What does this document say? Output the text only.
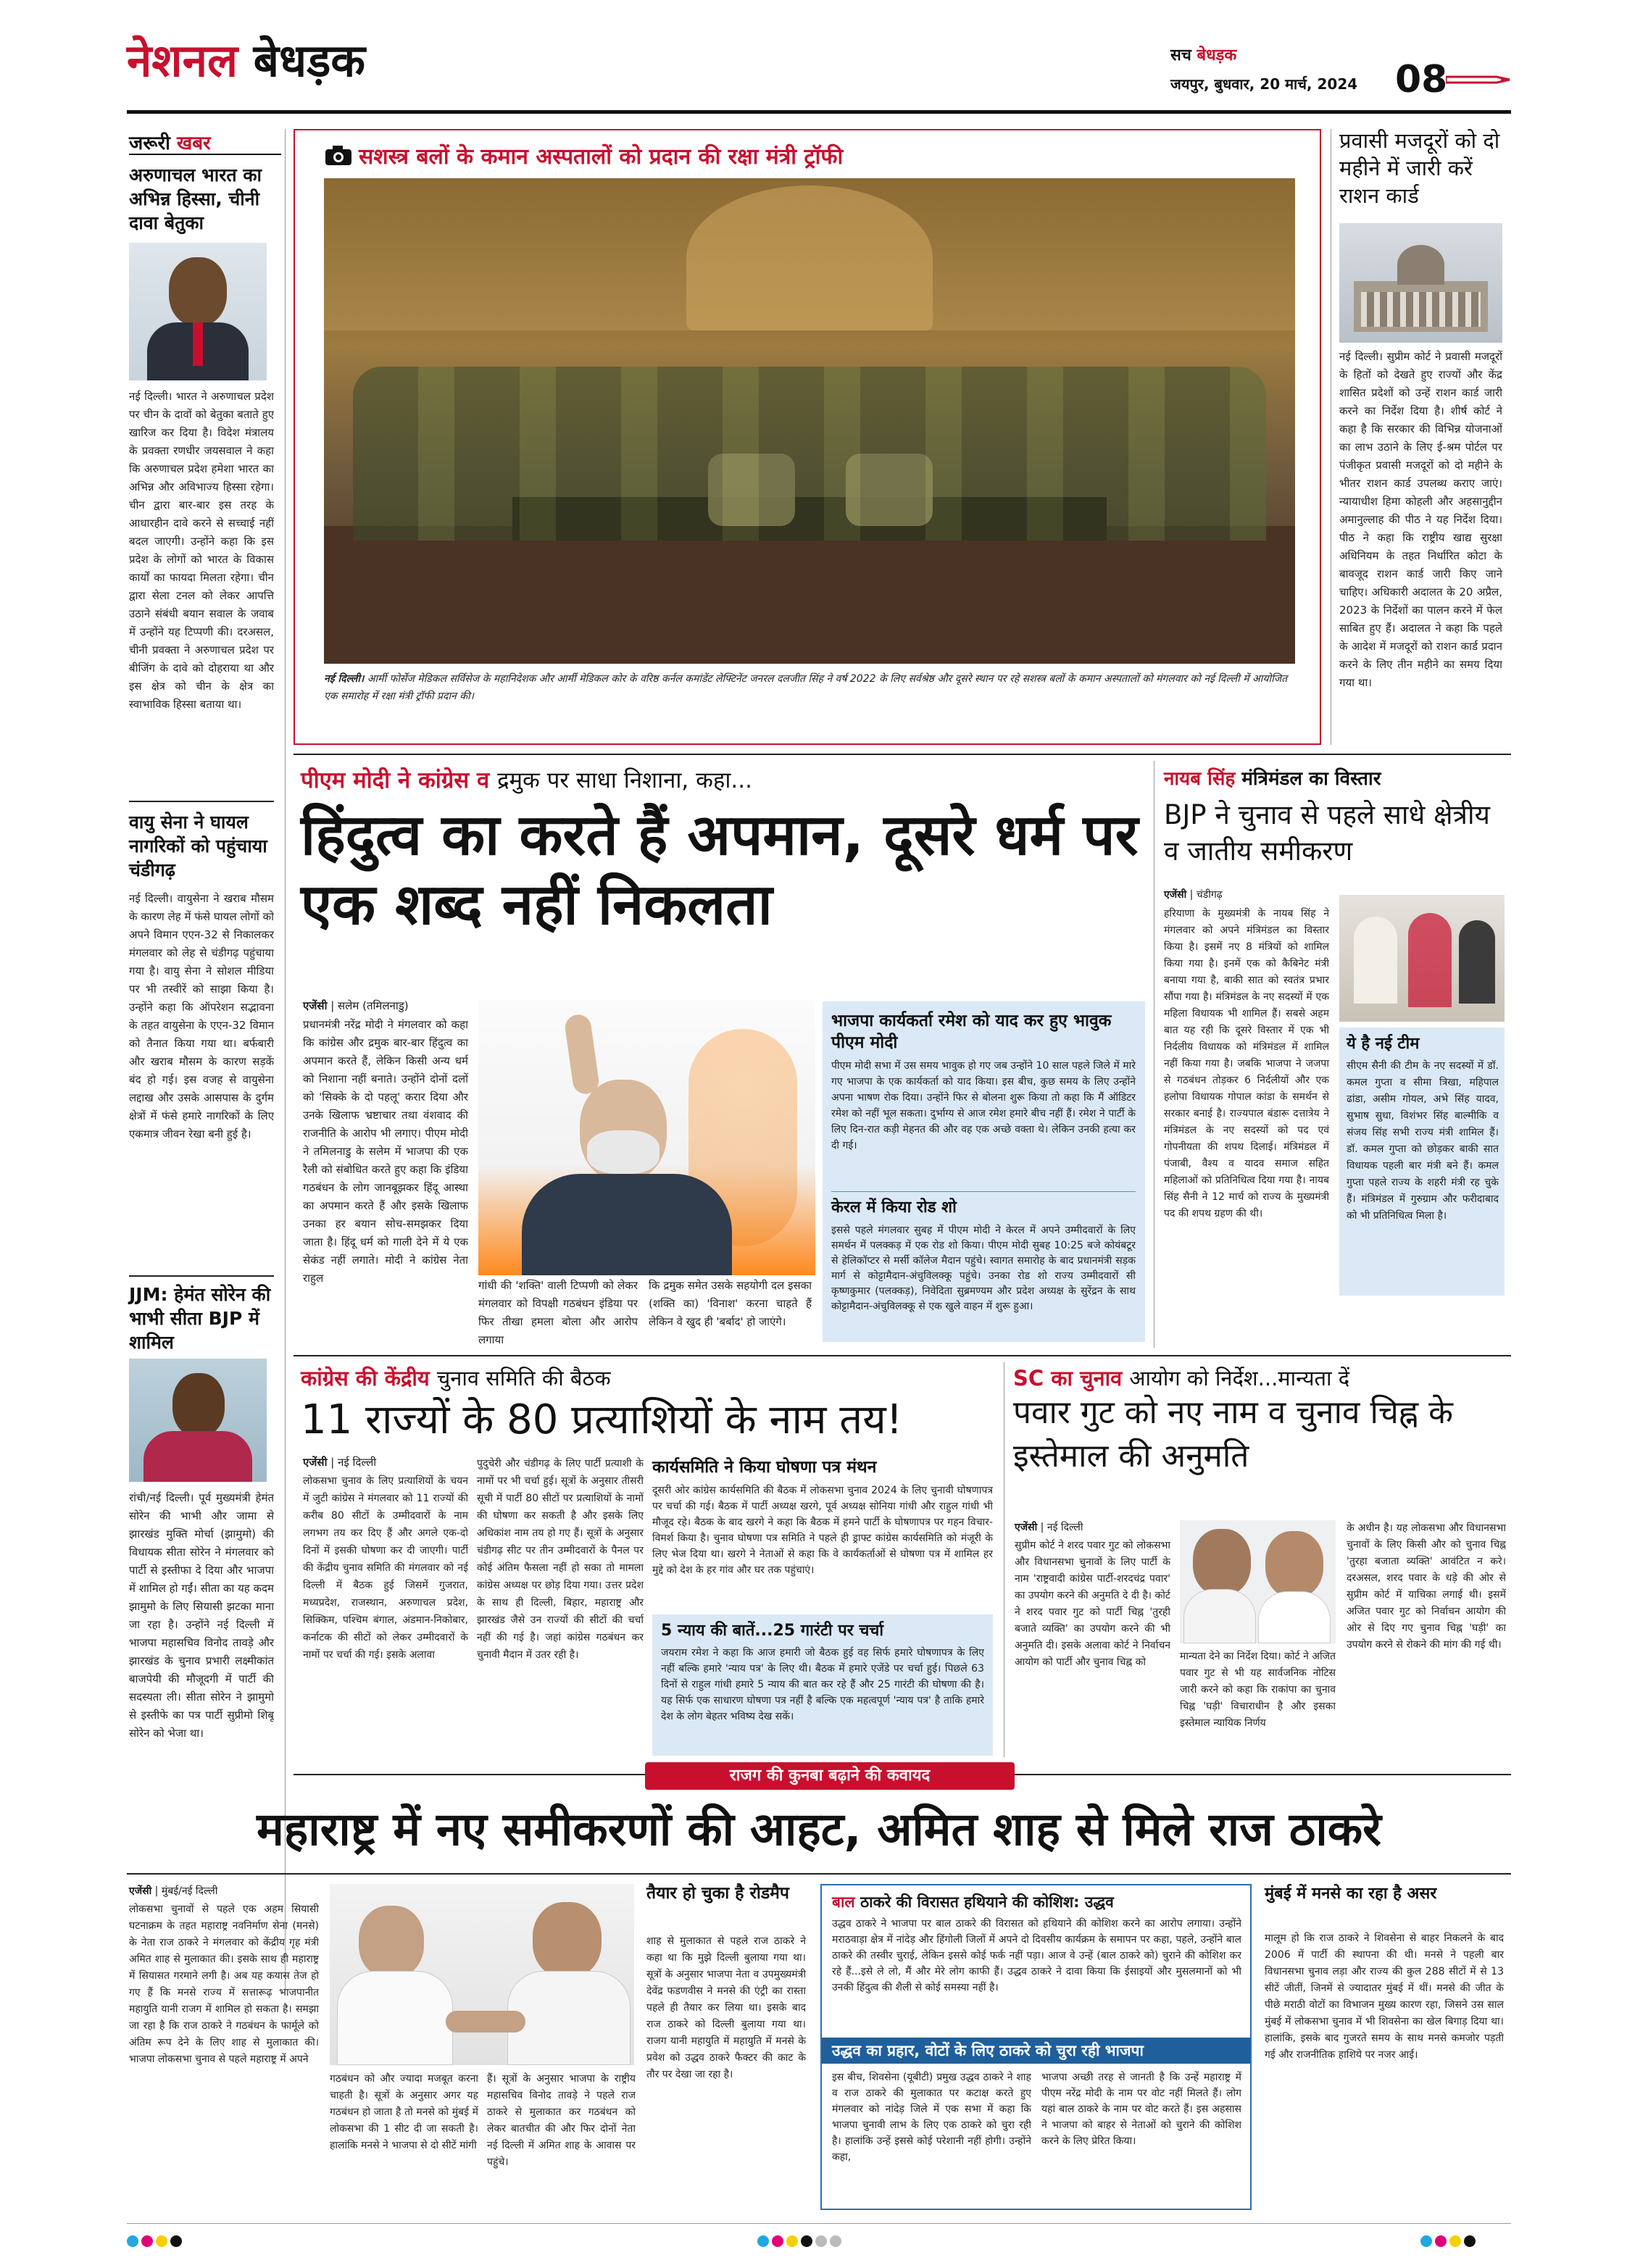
नेशनल बेधड़क	सच बेधड़क
जयपुर, बुधवार, 20 मार्च, 2024 08
जरूरी खबर
अरुणाचल भारत का अभिन्न हिस्सा, चीनी दावा बेतुका
नई दिल्ली। भारत ने अरुणाचल प्रदेश पर चीन के दावों को बेतुका बताते हुए खारिज कर दिया है। विदेश मंत्रालय के प्रवक्ता रणधीर जयसवाल ने कहा कि अरुणाचल प्रदेश हमेशा भारत का अभिन्न और अविभाज्य हिस्सा रहेगा। चीन द्वारा बार-बार इस तरह के आधारहीन दावे करने से सच्चाई नहीं बदल जाएगी। उन्होंने कहा कि इस प्रदेश के लोगों को भारत के विकास कार्यों का फायदा मिलता रहेगा। चीन द्वारा सेला टनल को लेकर आपत्ति उठाने संबंधी बयान सवाल के जवाब में उन्होंने यह टिप्पणी की। दरअसल, चीनी प्रवक्ता ने अरुणाचल प्रदेश पर बीजिंग के दावे को दोहराया था और इस क्षेत्र को चीन के क्षेत्र का स्वाभाविक हिस्सा बताया था।
वायु सेना ने घायल नागरिकों को पहुंचाया चंडीगढ़
नई दिल्ली। वायुसेना ने खराब मौसम के कारण लेह में फंसे घायल लोगों को अपने विमान एएन-32 से निकालकर मंगलवार को लेह से चंडीगढ़ पहुंचाया गया है। वायु सेना ने सोशल मीडिया पर भी तस्वीरें को साझा किया है। उन्होंने कहा कि ऑपरेशन सद्भावना के तहत वायुसेना के एएन-32 विमान को तैनात किया गया था। बर्फबारी और खराब मौसम के कारण सड़कें बंद हो गई। इस वजह से वायुसेना लद्दाख और उसके आसपास के दुर्गम क्षेत्रों में फंसे हमारे नागरिकों के लिए एकमात्र जीवन रेखा बनी हुई है।
JJM: हेमंत सोरेन की भाभी सीता BJP में शामिल
रांची/नई दिल्ली। पूर्व मुख्यमंत्री हेमंत सोरेन की भाभी और जामा से झारखंड मुक्ति मोर्चा (झामुमो) की विधायक सीता सोरेन ने मंगलवार को पार्टी से इस्तीफा दे दिया और भाजपा में शामिल हो गईं। सीता का यह कदम झामुमो के लिए सियासी झटका माना जा रहा है। उन्होंने नई दिल्ली में भाजपा महासचिव विनोद तावड़े और झारखंड के चुनाव प्रभारी लक्ष्मीकांत बाजपेयी की मौजूदगी में पार्टी की सदस्यता ली। सीता सोरेन ने झामुमो से इस्तीफे का पत्र पार्टी सुप्रीमो शिबू सोरेन को भेजा था।
सशस्त्र बलों के कमान अस्पतालों को प्रदान की रक्षा मंत्री ट्रॉफी
नई दिल्ली। आर्मी फोर्सेज मेडिकल सर्विसेज के महानिदेशक और आर्मी मेडिकल कोर के वरिष्ठ कर्नल कमांडेंट लेफ्टिनेंट जनरल दलजीत सिंह ने वर्ष 2022 के लिए सर्वश्रेष्ठ और दूसरे स्थान पर रहे सशस्त्र बलों के कमान अस्पतालों को मंगलवार को नई दिल्ली में आयोजित एक समारोह में रक्षा मंत्री ट्रॉफी प्रदान की।
प्रवासी मजदूरों को दो महीने में जारी करें राशन कार्ड
नई दिल्ली। सुप्रीम कोर्ट ने प्रवासी मजदूरों के हितों को देखते हुए राज्यों और केंद्र शासित प्रदेशों को उन्हें राशन कार्ड जारी करने का निर्देश दिया है। शीर्ष कोर्ट ने कहा है कि सरकार की विभिन्न योजनाओं का लाभ उठाने के लिए ई-श्रम पोर्टल पर पंजीकृत प्रवासी मजदूरों को दो महीने के भीतर राशन कार्ड उपलब्ध कराए जाएं। न्यायाधीश हिमा कोहली और अहसानुद्दीन अमानुल्लाह की पीठ ने यह निर्देश दिया। पीठ ने कहा कि राष्ट्रीय खाद्य सुरक्षा अधिनियम के तहत निर्धारित कोटा के बावजूद राशन कार्ड जारी किए जाने चाहिए। अधिकारी अदालत के 20 अप्रैल, 2023 के निर्देशों का पालन करने में फेल साबित हुए हैं। अदालत ने कहा कि पहले के आदेश में मजदूरों को राशन कार्ड प्रदान करने के लिए तीन महीने का समय दिया गया था।
पीएम मोदी ने कांग्रेस व द्रमुक पर साधा निशाना, कहा...
हिंदुत्व का करते हैं अपमान, दूसरे धर्म पर एक शब्द नहीं निकलता
एजेंसी | सलेम (तमिलनाडु)
प्रधानमंत्री नरेंद्र मोदी ने मंगलवार को कहा कि कांग्रेस और द्रमुक बार-बार हिंदुत्व का अपमान करते हैं, लेकिन किसी अन्य धर्म को निशाना नहीं बनाते। उन्होंने दोनों दलों को 'सिक्के के दो पहलू' करार दिया और उनके खिलाफ भ्रष्टाचार तथा वंशवाद की राजनीति के आरोप भी लगाए। पीएम मोदी ने तमिलनाडु के सलेम में भाजपा की एक रैली को संबोधित करते हुए कहा कि इंडिया गठबंधन के लोग जानबूझकर हिंदू आस्था का अपमान करते हैं और इसके खिलाफ उनका हर बयान सोच-समझकर दिया जाता है। हिंदू धर्म को गाली देने में ये एक सेकंड नहीं लगाते। मोदी ने कांग्रेस नेता राहुल
गांधी की 'शक्ति' वाली टिप्पणी को लेकर मंगलवार को विपक्षी गठबंधन इंडिया पर फिर तीखा हमला बोला और आरोप लगाया
कि द्रमुक समेत उसके सहयोगी दल इसका (शक्ति का) 'विनाश' करना चाहते हैं लेकिन वे खुद ही 'बर्बाद' हो जाएंगे।
भाजपा कार्यकर्ता रमेश को याद कर हुए भावुक पीएम मोदी
पीएम मोदी सभा में उस समय भावुक हो गए जब उन्होंने 10 साल पहले जिले में मारे गए भाजपा के एक कार्यकर्ता को याद किया। इस बीच, कुछ समय के लिए उन्होंने अपना भाषण रोक दिया। उन्होंने फिर से बोलना शुरू किया तो कहा कि मैं ऑडिटर रमेश को नहीं भूल सकता। दुर्भाग्य से आज रमेश हमारे बीच नहीं हैं। रमेश ने पार्टी के लिए दिन-रात कड़ी मेहनत की और वह एक अच्छे वक्ता थे। लेकिन उनकी हत्या कर दी गई।
केरल में किया रोड शो
इससे पहले मंगलवार सुबह में पीएम मोदी ने केरल में अपने उम्मीदवारों के लिए समर्थन में पलक्कड़ में एक रोड शो किया। पीएम मोदी सुबह 10:25 बजे कोयंबटूर से हेलिकॉप्टर से मर्सी कॉलेज मैदान पहुंचे। स्वागत समारोह के बाद प्रधानमंत्री सड़क मार्ग से कोट्टामैदान-अंचुविलक्कू पहुंचे। उनका रोड शो राज्य उम्मीदवारों सी कृष्णकुमार (पलक्कड़), निवेदिता सुब्रमण्यम और प्रदेश अध्यक्ष के सुरेंद्रन के साथ कोट्टामैदान-अंचुविलक्कू से एक खुले वाहन में शुरू हुआ।
नायब सिंह मंत्रिमंडल का विस्तार
BJP ने चुनाव से पहले साधे क्षेत्रीय व जातीय समीकरण
एजेंसी | चंडीगढ़
हरियाणा के मुख्यमंत्री के नायब सिंह ने मंगलवार को अपने मंत्रिमंडल का विस्तार किया है। इसमें नए 8 मंत्रियों को शामिल किया गया है। इनमें एक को कैबिनेट मंत्री बनाया गया है, बाकी सात को स्वतंत्र प्रभार सौंपा गया है। मंत्रिमंडल के नए सदस्यों में एक महिला विधायक भी शामिल हैं। सबसे अहम बात यह रही कि दूसरे विस्तार में एक भी निर्दलीय विधायक को मंत्रिमंडल में शामिल नहीं किया गया है। जबकि भाजपा ने जजपा से गठबंधन तोड़कर 6 निर्दलीयों और एक हलोपा विधायक गोपाल कांडा के समर्थन से सरकार बनाई है। राज्यपाल बंडारू दत्तात्रेय ने मंत्रिमंडल के नए सदस्यों को पद एवं गोपनीयता की शपथ दिलाई। मंत्रिमंडल में पंजाबी, वैश्य व यादव समाज सहित महिलाओं को प्रतिनिधित्व दिया गया है। नायब सिंह सैनी ने 12 मार्च को राज्य के मुख्यमंत्री पद की शपथ ग्रहण की थी।
ये है नई टीम
सीएम सैनी की टीम के नए सदस्यों में डॉ. कमल गुप्ता व सीमा त्रिखा, महिपाल ढांडा, असीम गोयल, अभे सिंह यादव, सुभाष सुधा, विशंभर सिंह बाल्मीकि व संजय सिंह सभी राज्य मंत्री शामिल हैं। डॉ. कमल गुप्ता को छोड़कर बाकी सात विधायक पहली बार मंत्री बने हैं। कमल गुप्ता पहले राज्य के शहरी मंत्री रह चुके हैं। मंत्रिमंडल में गुरुग्राम और फरीदाबाद को भी प्रतिनिधित्व मिला है।
कांग्रेस की केंद्रीय चुनाव समिति की बैठक
11 राज्यों के 80 प्रत्याशियों के नाम तय!
एजेंसी | नई दिल्ली
लोकसभा चुनाव के लिए प्रत्याशियों के चयन में जुटी कांग्रेस ने मंगलवार को 11 राज्यों की करीब 80 सीटों के उम्मीदवारों के नाम लगभग तय कर दिए हैं और अगले एक-दो दिनों में इसकी घोषणा कर दी जाएगी। पार्टी की केंद्रीय चुनाव समिति की मंगलवार को नई दिल्ली में बैठक हुई जिसमें गुजरात, मध्यप्रदेश, राजस्थान, अरुणाचल प्रदेश, सिक्किम, पश्चिम बंगाल, अंडमान-निकोबार, कर्नाटक की सीटों को लेकर उम्मीदवारों के नामों पर चर्चा की गई। इसके अलावा
पुदुचेरी और चंडीगढ़ के लिए पार्टी प्रत्याशी के नामों पर भी चर्चा हुई। सूत्रों के अनुसार तीसरी सूची में पार्टी 80 सीटों पर प्रत्याशियों के नामों की घोषणा कर सकती है और इसके लिए अधिकांश नाम तय हो गए हैं। सूत्रों के अनुसार चंडीगढ़ सीट पर तीन उम्मीदवारों के पैनल पर कोई अंतिम फैसला नहीं हो सका तो मामला कांग्रेस अध्यक्ष पर छोड़ दिया गया। उत्तर प्रदेश के साथ ही दिल्ली, बिहार, महाराष्ट्र और झारखंड जैसे उन राज्यों की सीटों की चर्चा नहीं की गई है। जहां कांग्रेस गठबंधन कर चुनावी मैदान में उतर रही है।
कार्यसमिति ने किया घोषणा पत्र मंथन
दूसरी ओर कांग्रेस कार्यसमिति की बैठक में लोकसभा चुनाव 2024 के लिए चुनावी घोषणापत्र पर चर्चा की गई। बैठक में पार्टी अध्यक्ष खरगे, पूर्व अध्यक्ष सोनिया गांधी और राहुल गांधी भी मौजूद रहे। बैठक के बाद खरगे ने कहा कि बैठक में हमने पार्टी के घोषणापत्र पर गहन विचार-विमर्श किया है। चुनाव घोषणा पत्र समिति ने पहले ही ड्राफ्ट कांग्रेस कार्यसमिति को मंजूरी के लिए भेज दिया था। खरगे ने नेताओं से कहा कि वे कार्यकर्ताओं से घोषणा पत्र में शामिल हर मुद्दे को देश के हर गांव और घर तक पहुंचाएं।
5 न्याय की बातें...25 गारंटी पर चर्चा
जयराम रमेश ने कहा कि आज हमारी जो बैठक हुई वह सिर्फ हमारे घोषणापत्र के लिए नहीं बल्कि हमारे 'न्याय पत्र' के लिए थी। बैठक में हमारे एजेंडे पर चर्चा हुई। पिछले 63 दिनों से राहुल गांधी हमारे 5 न्याय की बात कर रहे हैं और 25 गारंटी की घोषणा की है। यह सिर्फ एक साधारण घोषणा पत्र नहीं है बल्कि एक महत्वपूर्ण 'न्याय पत्र' है ताकि हमारे देश के लोग बेहतर भविष्य देख सकें।
SC का चुनाव आयोग को निर्देश...मान्यता दें
पवार गुट को नए नाम व चुनाव चिह्न के इस्तेमाल की अनुमति
एजेंसी | नई दिल्ली
सुप्रीम कोर्ट ने शरद पवार गुट को लोकसभा और विधानसभा चुनावों के लिए पार्टी के नाम 'राष्ट्रवादी कांग्रेस पार्टी-शरदचंद्र पवार' का उपयोग करने की अनुमति दे दी है। कोर्ट ने शरद पवार गुट को पार्टी चिह्न 'तुरही बजाते व्यक्ति' का उपयोग करने की भी अनुमति दी। इसके अलावा कोर्ट ने निर्वाचन आयोग को पार्टी और चुनाव चिह्न को	मान्यता देने का निर्देश दिया। कोर्ट ने अजित पवार गुट से भी यह सार्वजनिक नोटिस जारी करने को कहा कि राकांपा का चुनाव चिह्न 'घड़ी' विचाराधीन है और इसका इस्तेमाल न्यायिक निर्णय
के अधीन है। यह लोकसभा और विधानसभा चुनावों के लिए किसी और को चुनाव चिह्न 'तुरहा बजाता व्यक्ति' आवंटित न करे। दरअसल, शरद पवार के धड़े की ओर से सुप्रीम कोर्ट में याचिका लगाई थी। इसमें अजित पवार गुट को निर्वाचन आयोग की ओर से दिए गए चुनाव चिह्न 'घड़ी' का उपयोग करने से रोकने की मांग की गई थी।
राजग की कुनबा बढ़ाने की कवायद
महाराष्ट्र में नए समीकरणों की आहट, अमित शाह से मिले राज ठाकरे
एजेंसी | मुंबई/नई दिल्ली
लोकसभा चुनावों से पहले एक अहम सियासी घटनाक्रम के तहत महाराष्ट्र नवनिर्माण सेना (मनसे) के नेता राज ठाकरे ने मंगलवार को केंद्रीय गृह मंत्री अमित शाह से मुलाकात की। इसके साथ ही महाराष्ट्र में सियासत गरमाने लगी है। अब यह कयास तेज हो गए हैं कि मनसे राज्य में सत्तारूढ़ भाजपानीत महायुति यानी राजग में शामिल हो सकता है। समझा जा रहा है कि राज ठाकरे ने गठबंधन के फार्मूले को अंतिम रूप देने के लिए शाह से मुलाकात की। भाजपा लोकसभा चुनाव से पहले महाराष्ट्र में अपने
गठबंधन को और ज्यादा मजबूत करना चाहती है। सूत्रों के अनुसार अगर यह गठबंधन हो जाता है तो मनसे को मुंबई में लोकसभा की 1 सीट दी जा सकती है। हालांकि मनसे ने भाजपा से दो सीटें मांगी
हैं। सूत्रों के अनुसार भाजपा के राष्ट्रीय महासचिव विनोद तावड़े ने पहले राज ठाकरे से मुलाकात कर गठबंधन को लेकर बातचीत की और फिर दोनों नेता नई दिल्ली में अमित शाह के आवास पर पहुंचे।
तैयार हो चुका है रोडमैप
शाह से मुलाकात से पहले राज ठाकरे ने कहा था कि मुझे दिल्ली बुलाया गया था। सूत्रों के अनुसार भाजपा नेता व उपमुख्यमंत्री देवेंद्र फडणवीस ने मनसे की एंट्री का रास्ता पहले ही तैयार कर लिया था। इसके बाद राज ठाकरे को दिल्ली बुलाया गया था। राजग यानी महायुति में महायुति में मनसे के प्रवेश को उद्धव ठाकरे फैक्टर की काट के तौर पर देखा जा रहा है।
बाल ठाकरे की विरासत हथियाने की कोशिश: उद्धव
उद्धव ठाकरे ने भाजपा पर बाल ठाकरे की विरासत को हथियाने की कोशिश करने का आरोप लगाया। उन्होंने मराठवाड़ा क्षेत्र में नांदेड़ और हिंगोली जिलों में अपने दो दिवसीय कार्यक्रम के समापन पर कहा, पहले, उन्होंने बाल ठाकरे की तस्वीर चुराई, लेकिन इससे कोई फर्क नहीं पड़ा। आज वे उन्हें (बाल ठाकरे को) चुराने की कोशिश कर रहे हैं...इसे ले लो, मैं और मेरे लोग काफी हैं। उद्धव ठाकरे ने दावा किया कि ईसाइयों और मुसलमानों को भी उनकी हिंदुत्व की शैली से कोई समस्या नहीं है।
उद्धव का प्रहार, वोटों के लिए ठाकरे को चुरा रही भाजपा
इस बीच, शिवसेना (यूबीटी) प्रमुख उद्धव ठाकरे ने शाह व राज ठाकरे की मुलाकात पर कटाक्ष करते हुए मंगलवार को नांदेड़ जिले में एक सभा में कहा कि भाजपा चुनावी लाभ के लिए एक ठाकरे को चुरा रही है। हालांकि उन्हें इससे कोई परेशानी नहीं होगी। उन्होंने कहा,
भाजपा अच्छी तरह से जानती है कि उन्हें महाराष्ट्र में पीएम नरेंद्र मोदी के नाम पर वोट नहीं मिलते हैं। लोग यहां बाल ठाकरे के नाम पर वोट करते हैं। इस अहसास ने भाजपा को बाहर से नेताओं को चुराने की कोशिश करने के लिए प्रेरित किया।
मुंबई में मनसे का रहा है असर
मालूम हो कि राज ठाकरे ने शिवसेना से बाहर निकलने के बाद 2006 में पार्टी की स्थापना की थी। मनसे ने पहली बार विधानसभा चुनाव लड़ा और राज्य की कुल 288 सीटों में से 13 सीटें जीतीं, जिनमें से ज्यादातर मुंबई में थीं। मनसे की जीत के पीछे मराठी वोटों का विभाजन मुख्य कारण रहा, जिसने उस साल मुंबई में लोकसभा चुनाव में भी शिवसेना का खेल बिगाड़ दिया था। हालांकि, इसके बाद गुजरते समय के साथ मनसे कमजोर पड़ती गई और राजनीतिक हाशिये पर नजर आई।
